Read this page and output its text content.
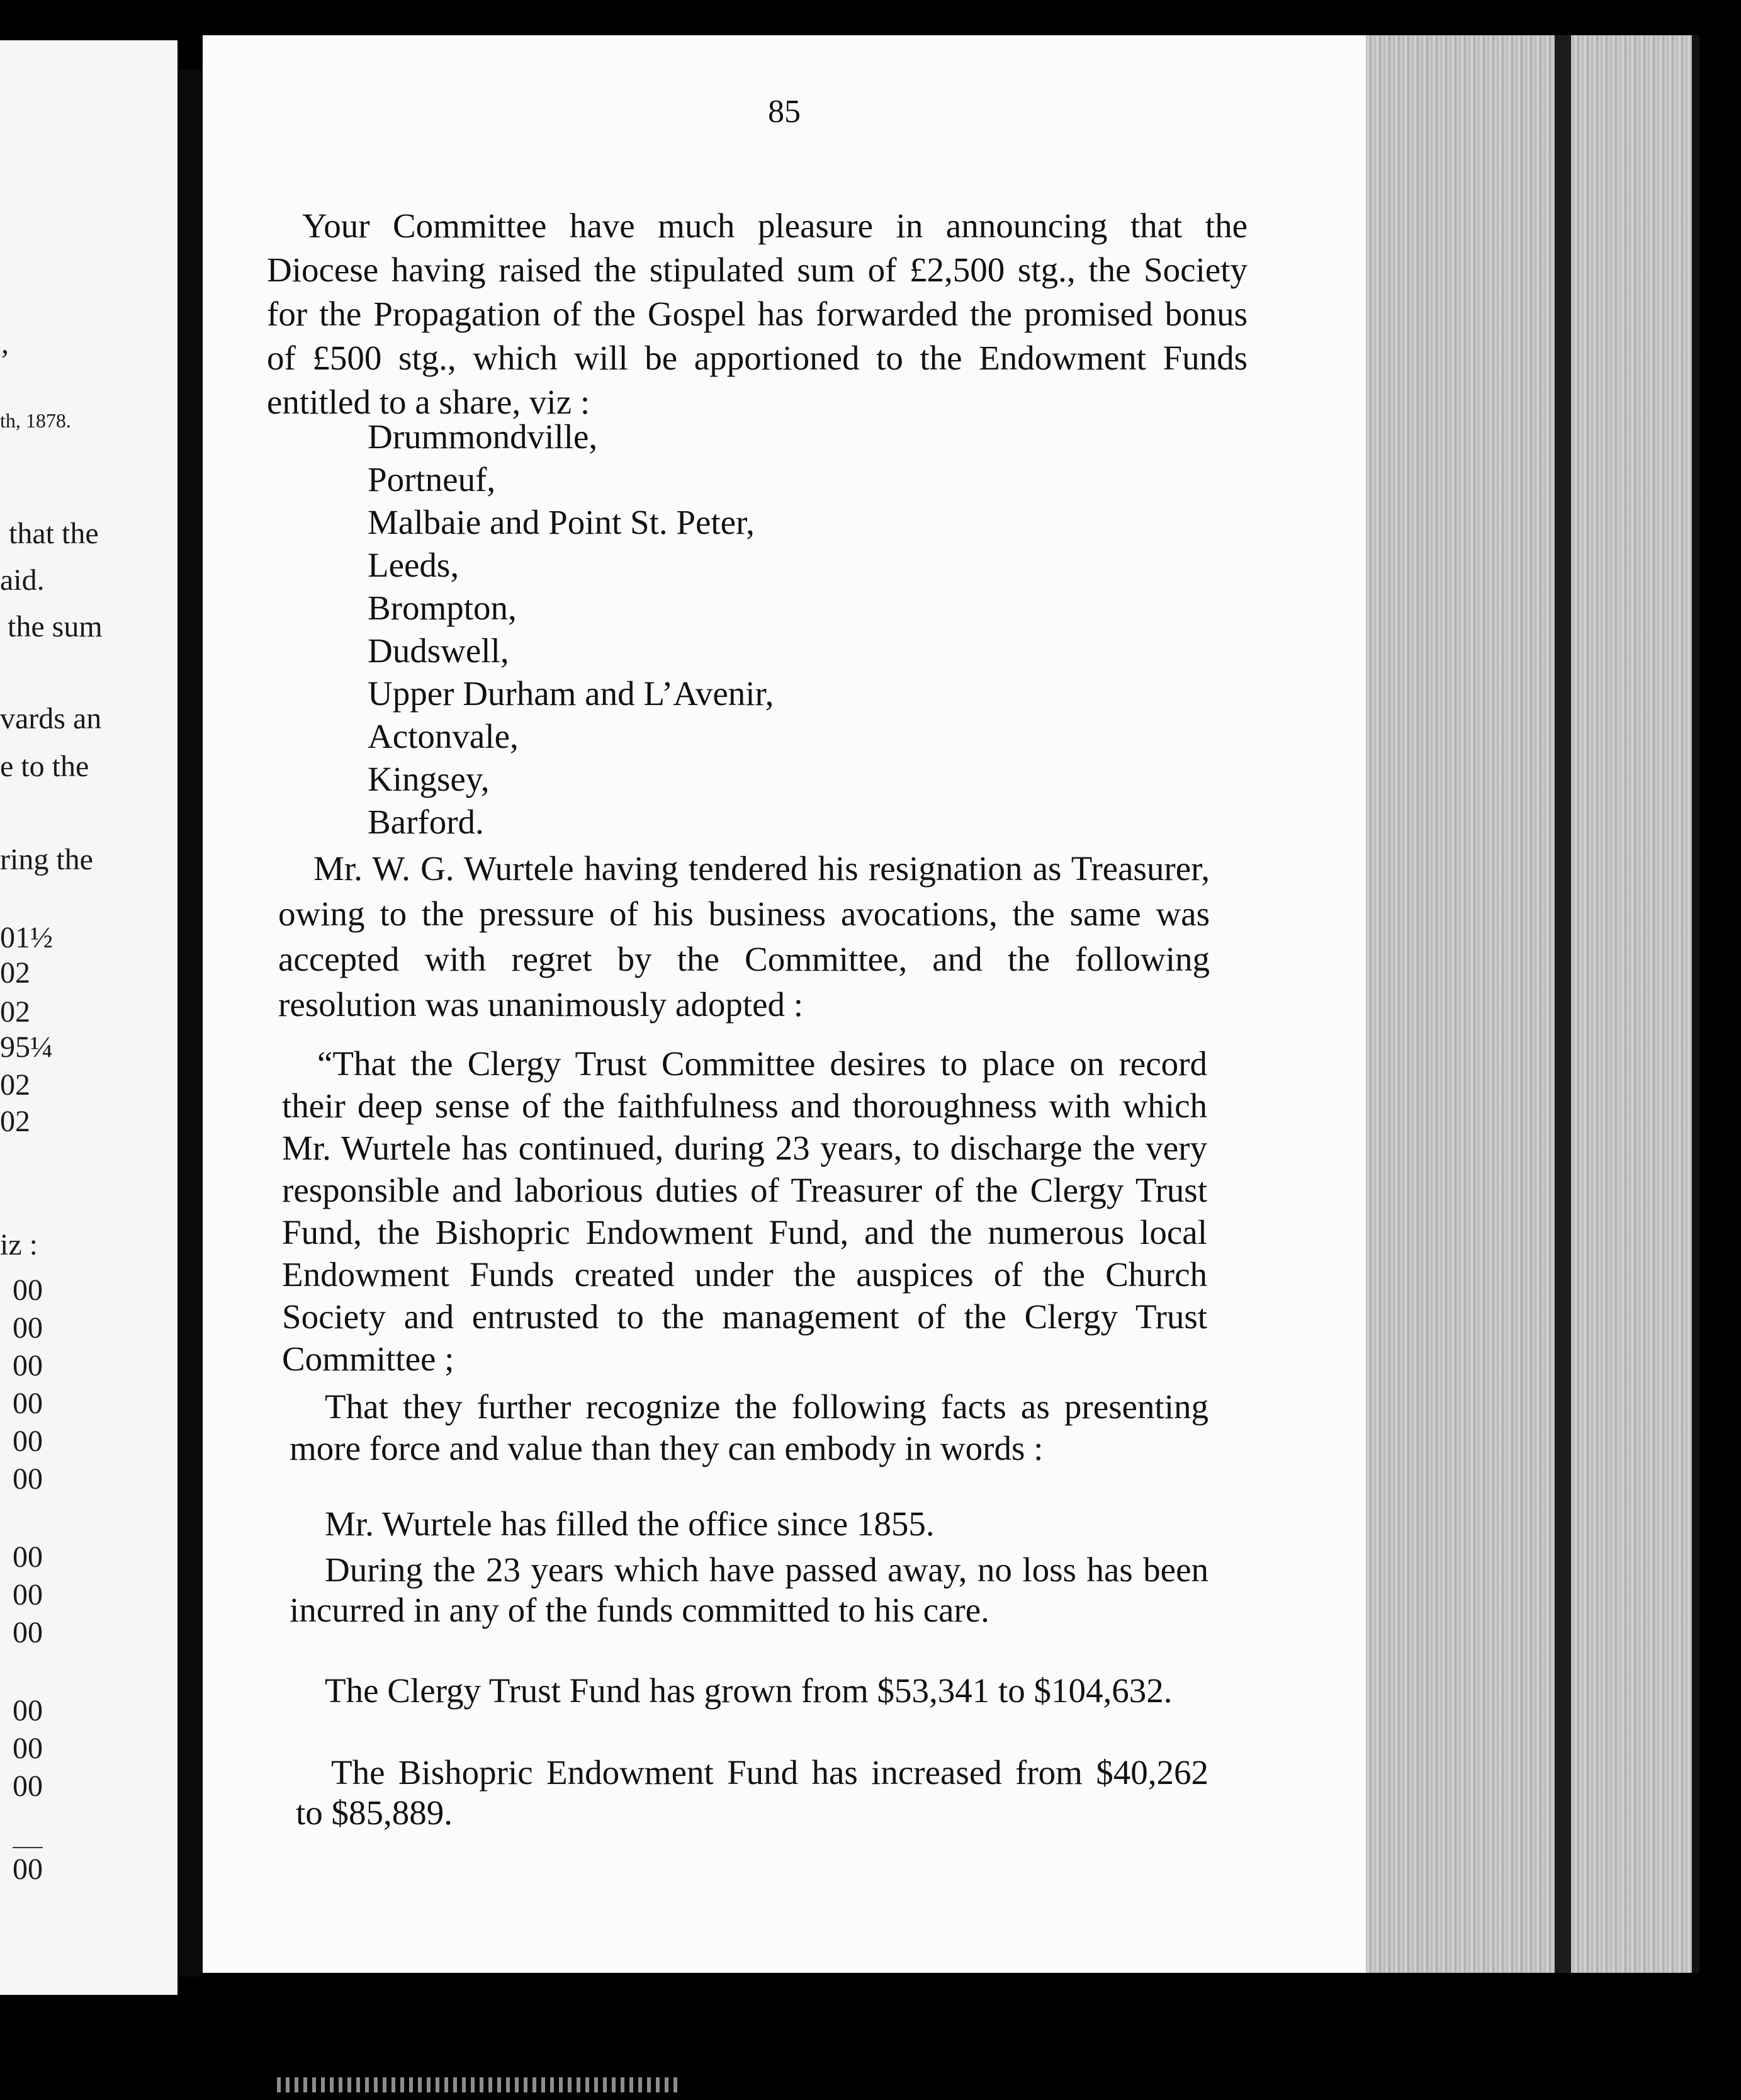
,
th, 1878.
that the
aid.
the sum
vards an
e to the
ring the
01½
02
02
95¼
02
02
iz :
00
00
00
00
00
00
00
00
00
00
00
00
00
85

Your Committee have much pleasure in announcing that the Diocese having raised the stipulated sum of £2,500 stg., the Society for the Propagation of the Gospel has forwarded the promised bonus of £500 stg., which will be apportioned to the Endowment Funds entitled to a share, viz :

Drummondville,
Portneuf,
Malbaie and Point St. Peter,
Leeds,
Brompton,
Dudswell,
Upper Durham and L’Avenir,
Actonvale,
Kingsey,
Barford.

Mr. W. G. Wurtele having tendered his resignation as Treasurer, owing to the pressure of his business avocations, the same was accepted with regret by the Committee, and the following resolution was unanimously adopted :

“That the Clergy Trust Committee desires to place on record their deep sense of the faithfulness and thoroughness with which Mr. Wurtele has continued, during 23 years, to discharge the very responsible and laborious duties of Treasurer of the Clergy Trust Fund, the Bishopric Endowment Fund, and the numerous local Endowment Funds created under the auspices of the Church Society and entrusted to the management of the Clergy Trust Committee ;

That they further recognize the following facts as presenting more force and value than they can embody in words :

Mr. Wurtele has filled the office since 1855.

During the 23 years which have passed away, no loss has been incurred in any of the funds committed to his care.

The Clergy Trust Fund has grown from $53,341 to $104,632.

The Bishopric Endowment Fund has increased from $40,262 to $85,889.
